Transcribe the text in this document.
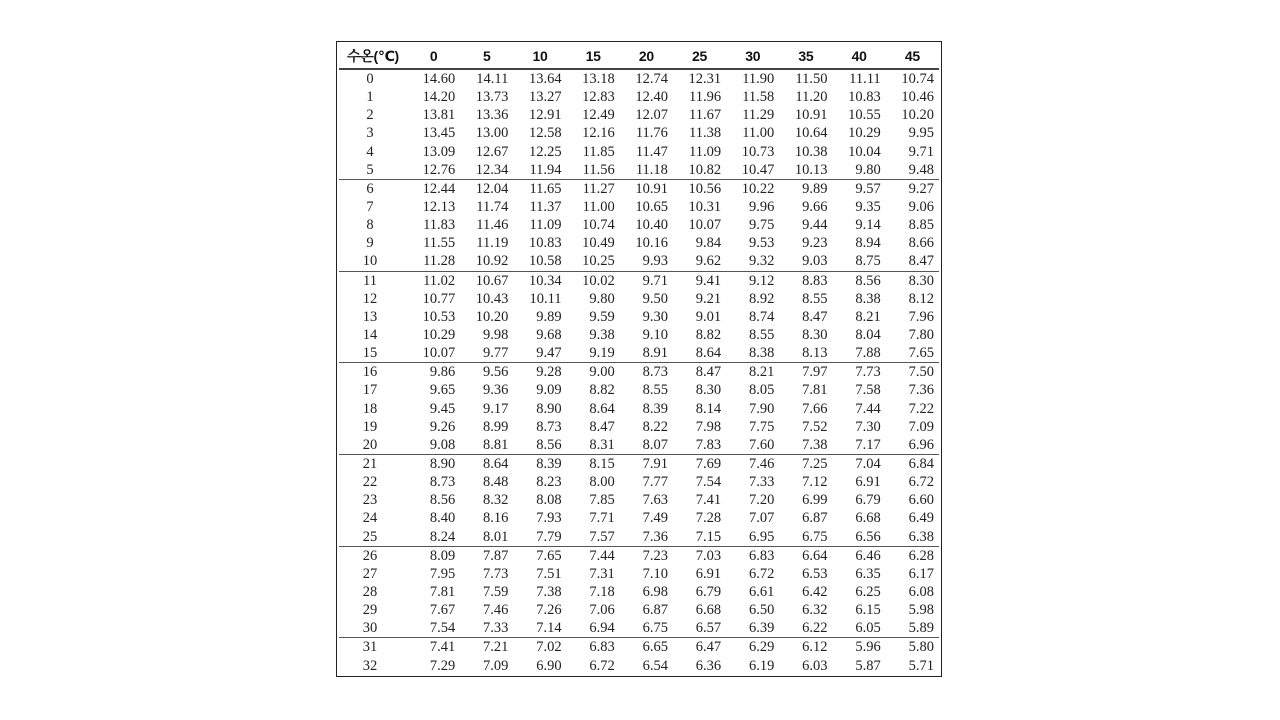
수온(℃)	0	5	10	15	20	25	30	35	40	45
0	14.60	14.11	13.64	13.18	12.74	12.31	11.90	11.50	11.11	10.74
1	14.20	13.73	13.27	12.83	12.40	11.96	11.58	11.20	10.83	10.46
2	13.81	13.36	12.91	12.49	12.07	11.67	11.29	10.91	10.55	10.20
3	13.45	13.00	12.58	12.16	11.76	11.38	11.00	10.64	10.29	9.95
4	13.09	12.67	12.25	11.85	11.47	11.09	10.73	10.38	10.04	9.71
5	12.76	12.34	11.94	11.56	11.18	10.82	10.47	10.13	9.80	9.48
6	12.44	12.04	11.65	11.27	10.91	10.56	10.22	9.89	9.57	9.27
7	12.13	11.74	11.37	11.00	10.65	10.31	9.96	9.66	9.35	9.06
8	11.83	11.46	11.09	10.74	10.40	10.07	9.75	9.44	9.14	8.85
9	11.55	11.19	10.83	10.49	10.16	9.84	9.53	9.23	8.94	8.66
10	11.28	10.92	10.58	10.25	9.93	9.62	9.32	9.03	8.75	8.47
11	11.02	10.67	10.34	10.02	9.71	9.41	9.12	8.83	8.56	8.30
12	10.77	10.43	10.11	9.80	9.50	9.21	8.92	8.55	8.38	8.12
13	10.53	10.20	9.89	9.59	9.30	9.01	8.74	8.47	8.21	7.96
14	10.29	9.98	9.68	9.38	9.10	8.82	8.55	8.30	8.04	7.80
15	10.07	9.77	9.47	9.19	8.91	8.64	8.38	8.13	7.88	7.65
16	9.86	9.56	9.28	9.00	8.73	8.47	8.21	7.97	7.73	7.50
17	9.65	9.36	9.09	8.82	8.55	8.30	8.05	7.81	7.58	7.36
18	9.45	9.17	8.90	8.64	8.39	8.14	7.90	7.66	7.44	7.22
19	9.26	8.99	8.73	8.47	8.22	7.98	7.75	7.52	7.30	7.09
20	9.08	8.81	8.56	8.31	8.07	7.83	7.60	7.38	7.17	6.96
21	8.90	8.64	8.39	8.15	7.91	7.69	7.46	7.25	7.04	6.84
22	8.73	8.48	8.23	8.00	7.77	7.54	7.33	7.12	6.91	6.72
23	8.56	8.32	8.08	7.85	7.63	7.41	7.20	6.99	6.79	6.60
24	8.40	8.16	7.93	7.71	7.49	7.28	7.07	6.87	6.68	6.49
25	8.24	8.01	7.79	7.57	7.36	7.15	6.95	6.75	6.56	6.38
26	8.09	7.87	7.65	7.44	7.23	7.03	6.83	6.64	6.46	6.28
27	7.95	7.73	7.51	7.31	7.10	6.91	6.72	6.53	6.35	6.17
28	7.81	7.59	7.38	7.18	6.98	6.79	6.61	6.42	6.25	6.08
29	7.67	7.46	7.26	7.06	6.87	6.68	6.50	6.32	6.15	5.98
30	7.54	7.33	7.14	6.94	6.75	6.57	6.39	6.22	6.05	5.89
31	7.41	7.21	7.02	6.83	6.65	6.47	6.29	6.12	5.96	5.80
32	7.29	7.09	6.90	6.72	6.54	6.36	6.19	6.03	5.87	5.71
